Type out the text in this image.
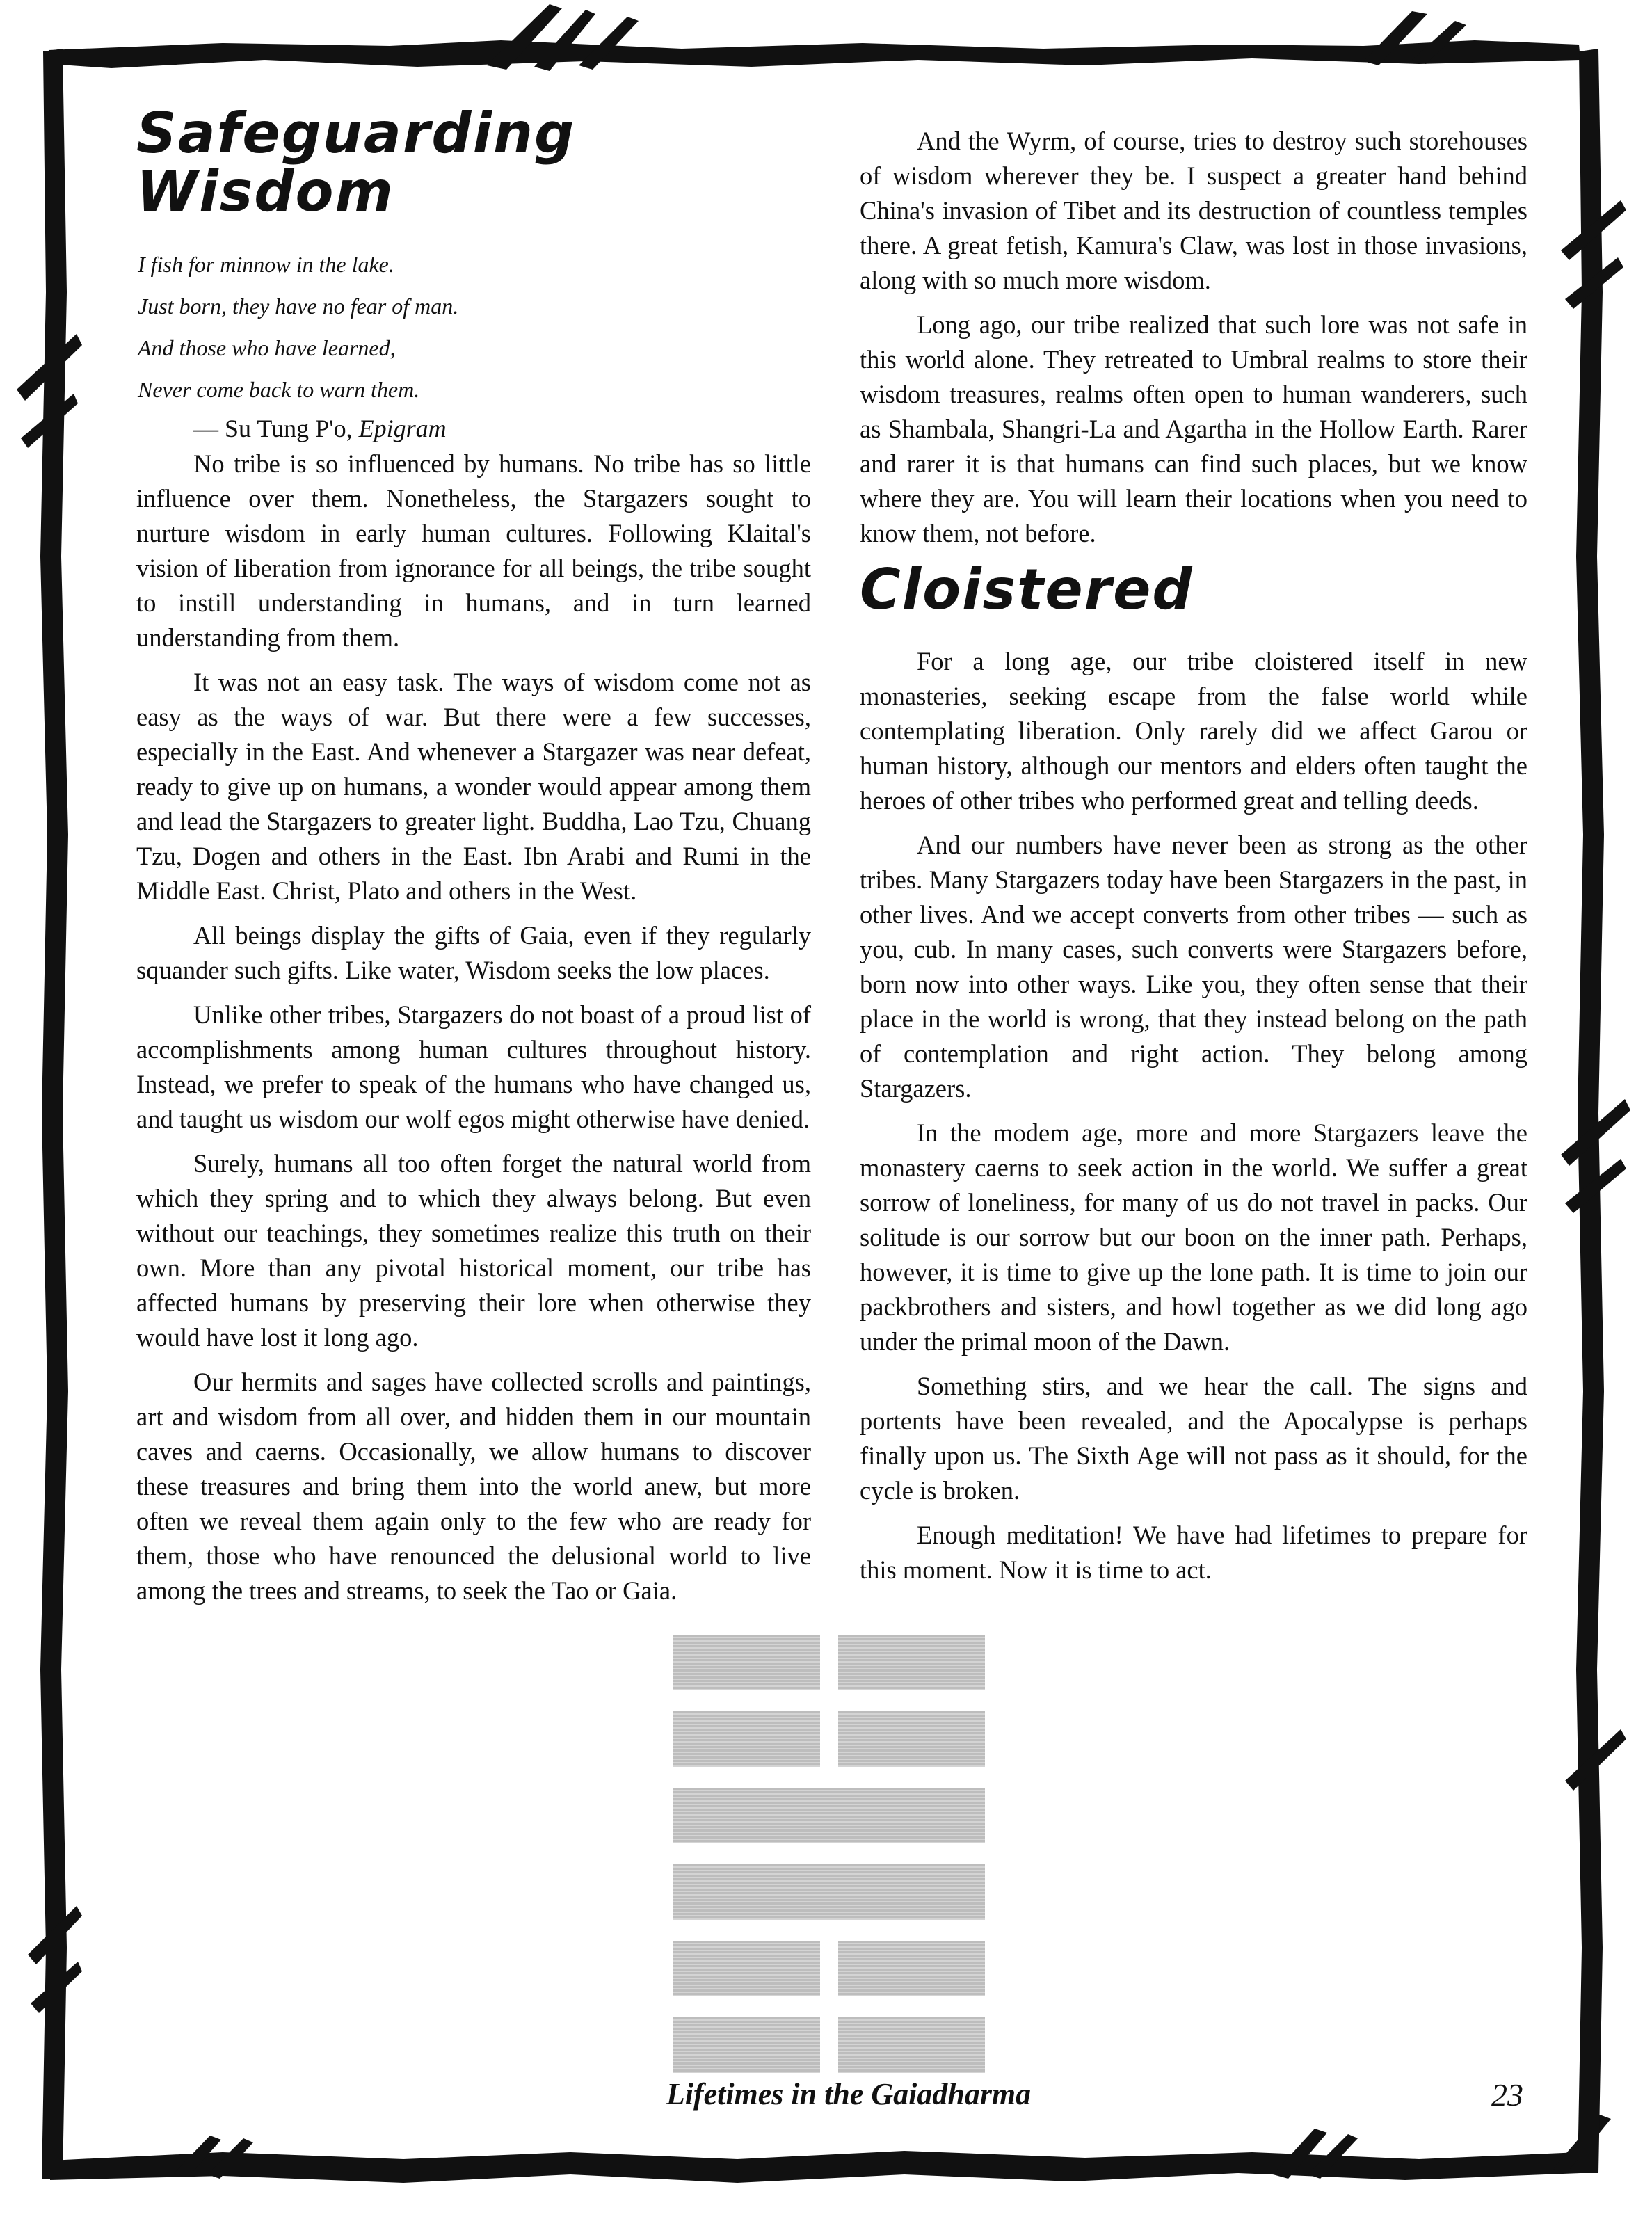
Safeguarding Wisdom

I fish for minnow in the lake.

Just born, they have no fear of man.

And those who have learned,

Never come back to warn them.

— Su Tung P'o, Epigram

No tribe is so influenced by humans. No tribe has so little influence over them. Nonetheless, the Stargazers sought to nurture wisdom in early human cultures. Following Klaital's vision of liberation from ignorance for all beings, the tribe sought to instill understanding in humans, and in turn learned understanding from them.

It was not an easy task. The ways of wisdom come not as easy as the ways of war. But there were a few successes, especially in the East. And whenever a Stargazer was near defeat, ready to give up on humans, a wonder would appear among them and lead the Stargazers to greater light. Buddha, Lao Tzu, Chuang Tzu, Dogen and others in the East. Ibn Arabi and Rumi in the Middle East. Christ, Plato and others in the West.

All beings display the gifts of Gaia, even if they regularly squander such gifts. Like water, Wisdom seeks the low places.

Unlike other tribes, Stargazers do not boast of a proud list of accomplishments among human cultures throughout history. Instead, we prefer to speak of the humans who have changed us, and taught us wisdom our wolf egos might otherwise have denied.

Surely, humans all too often forget the natural world from which they spring and to which they always belong. But even without our teachings, they sometimes realize this truth on their own. More than any pivotal historical moment, our tribe has affected humans by preserving their lore when otherwise they would have lost it long ago.

Our hermits and sages have collected scrolls and paintings, art and wisdom from all over, and hidden them in our mountain caves and caerns. Occasionally, we allow humans to discover these treasures and bring them into the world anew, but more often we reveal them again only to the few who are ready for them, those who have renounced the delusional world to live among the trees and streams, to seek the Tao or Gaia.

And the Wyrm, of course, tries to destroy such storehouses of wisdom wherever they be. I suspect a greater hand behind China's invasion of Tibet and its destruction of countless temples there. A great fetish, Kamura's Claw, was lost in those invasions, along with so much more wisdom.

Long ago, our tribe realized that such lore was not safe in this world alone. They retreated to Umbral realms to store their wisdom treasures, realms often open to human wanderers, such as Shambala, Shangri-La and Agartha in the Hollow Earth. Rarer and rarer it is that humans can find such places, but we know where they are. You will learn their locations when you need to know them, not before.

Cloistered

For a long age, our tribe cloistered itself in new monasteries, seeking escape from the false world while contemplating liberation. Only rarely did we affect Garou or human history, although our mentors and elders often taught the heroes of other tribes who performed great and telling deeds.

And our numbers have never been as strong as the other tribes. Many Stargazers today have been Stargazers in the past, in other lives. And we accept converts from other tribes — such as you, cub. In many cases, such converts were Stargazers before, born now into other ways. Like you, they often sense that their place in the world is wrong, that they instead belong on the path of contemplation and right action. They belong among Stargazers.

In the modem age, more and more Stargazers leave the monastery caerns to seek action in the world. We suffer a great sorrow of loneliness, for many of us do not travel in packs. Our solitude is our sorrow but our boon on the inner path. Perhaps, however, it is time to give up the lone path. It is time to join our packbrothers and sisters, and howl together as we did long ago under the primal moon of the Dawn.

Something stirs, and we hear the call. The signs and portents have been revealed, and the Apocalypse is perhaps finally upon us. The Sixth Age will not pass as it should, for the cycle is broken.

Enough meditation! We have had lifetimes to prepare for this moment. Now it is time to act.

Lifetimes in the Gaiadharma	23
